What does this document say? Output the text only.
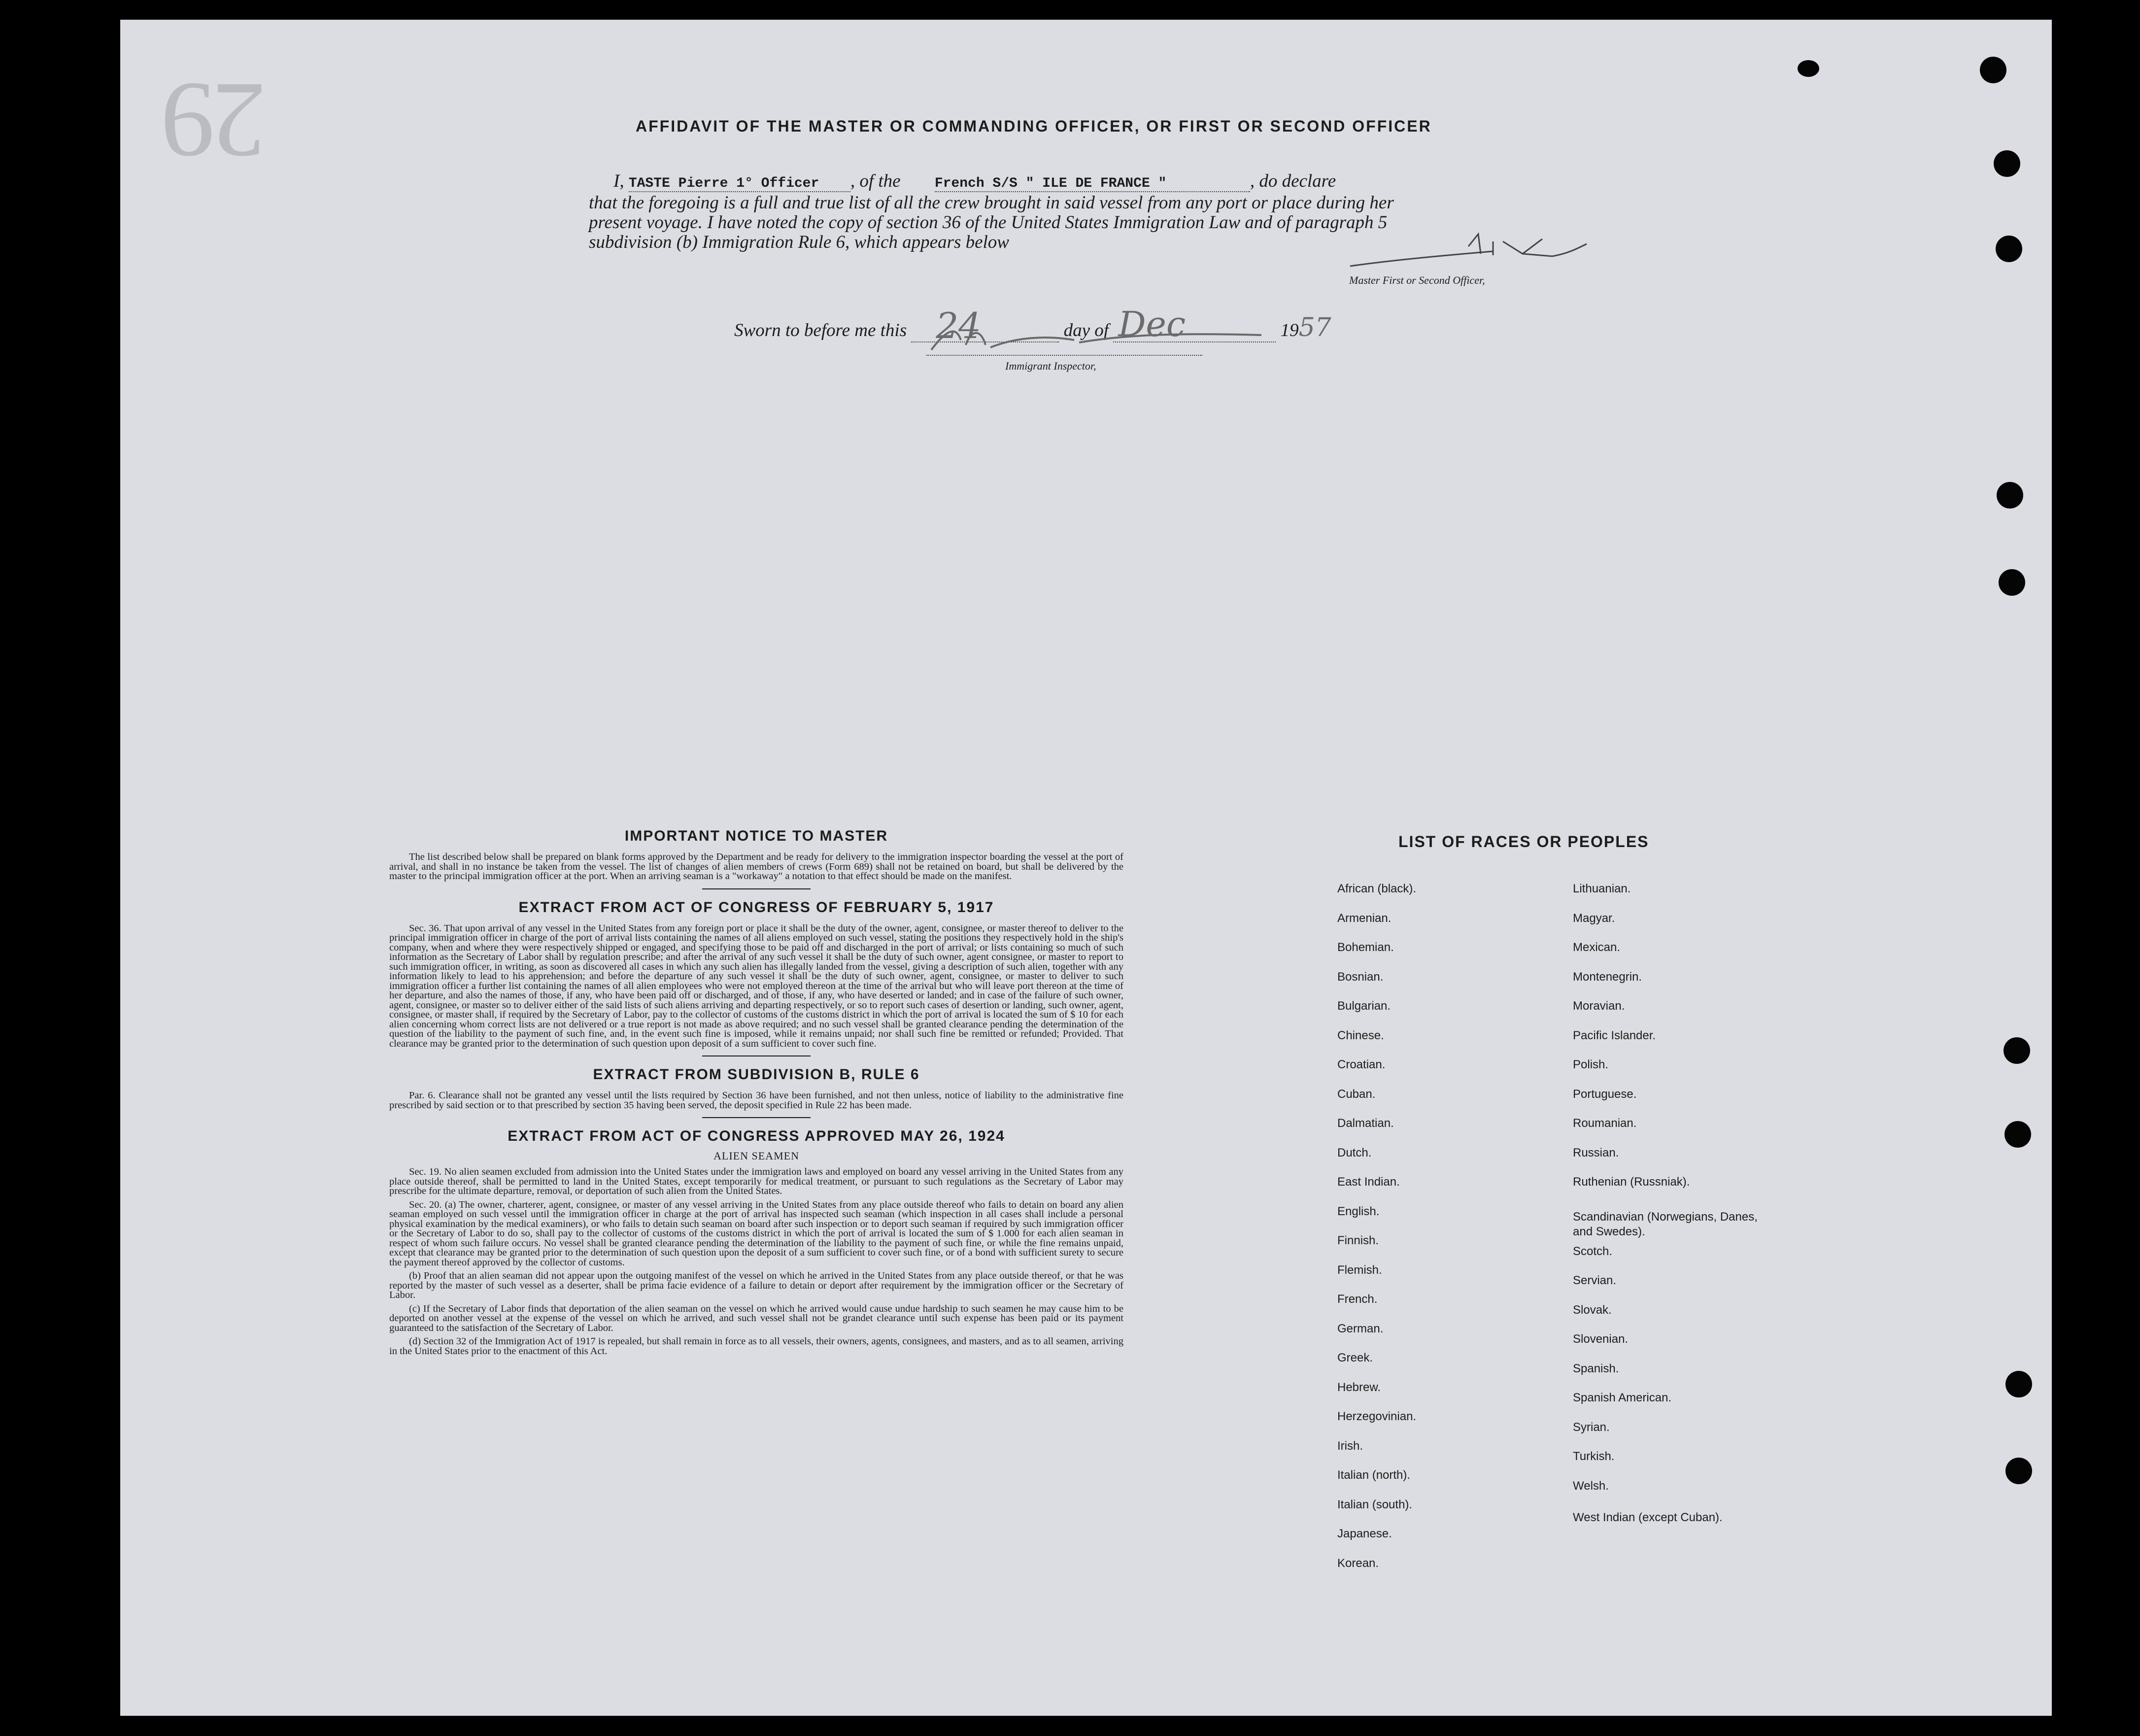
29	AFFIDAVIT OF THE MASTER OR COMMANDING OFFICER, OR FIRST OR SECOND OFFICER
I, TASTE Pierre 1° Officer , of the French S/S " ILE DE FRANCE "	, do declare
that the foregoing is a full and true list of all the crew brought in said vessel from any port or place during her
present voyage. I have noted the copy of section 36 of the United States Immigration Law and of paragraph 5
subdivision (b) Immigration Rule 6, which appears below
Master First or Second Officer,
Sworn to before me this 24	day of Dec	1957
Immigrant Inspector,
IMPORTANT NOTICE TO MASTER

The list described below shall be prepared on blank forms approved by the Department and be ready for delivery to the immigration inspector boarding the vessel at the port of arrival, and shall in no instance be taken from the vessel. The list of changes of alien members of crews (Form 689) shall not be retained on board, but shall be delivered by the master to the principal immigration officer at the port. When an arriving seaman is a "workaway" a notation to that effect should be made on the manifest.

EXTRACT FROM ACT OF CONGRESS OF FEBRUARY 5, 1917

Sec. 36. That upon arrival of any vessel in the United States from any foreign port or place it shall be the duty of the owner, agent, consignee, or master thereof to deliver to the principal immigration officer in charge of the port of arrival lists containing the names of all aliens employed on such vessel, stating the positions they respectively hold in the ship's company, when and where they were respectively shipped or engaged, and specifying those to be paid off and discharged in the port of arrival; or lists containing so much of such information as the Secretary of Labor shall by regulation prescribe; and after the arrival of any such vessel it shall be the duty of such owner, agent consignee, or master to report to such immigration officer, in writing, as soon as discovered all cases in which any such alien has illegally landed from the vessel, giving a description of such alien, together with any information likely to lead to his apprehension; and before the departure of any such vessel it shall be the duty of such owner, agent, consignee, or master to deliver to such immigration officer a further list containing the names of all alien employees who were not employed thereon at the time of the arrival but who will leave port thereon at the time of her departure, and also the names of those, if any, who have been paid off or discharged, and of those, if any, who have deserted or landed; and in case of the failure of such owner, agent, consignee, or master so to deliver either of the said lists of such aliens arriving and departing respectively, or so to report such cases of desertion or landing, such owner, agent, consignee, or master shall, if required by the Secretary of Labor, pay to the collector of customs of the customs district in which the port of arrival is located the sum of $ 10 for each alien concerning whom correct lists are not delivered or a true report is not made as above required; and no such vessel shall be granted clearance pending the determination of the question of the liability to the payment of such fine, and, in the event such fine is imposed, while it remains unpaid; nor shall such fine be remitted or refunded; Provided. That clearance may be granted prior to the determination of such question upon deposit of a sum sufficient to cover such fine.

EXTRACT FROM SUBDIVISION B, RULE 6

Par. 6. Clearance shall not be granted any vessel until the lists required by Section 36 have been furnished, and not then unless, notice of liability to the administrative fine prescribed by said section or to that prescribed by section 35 having been served, the deposit specified in Rule 22 has been made.

EXTRACT FROM ACT OF CONGRESS APPROVED MAY 26, 1924
ALIEN SEAMEN

Sec. 19. No alien seamen excluded from admission into the United States under the immigration laws and employed on board any vessel arriving in the United States from any place outside thereof, shall be permitted to land in the United States, except temporarily for medical treatment, or pursuant to such regulations as the Secretary of Labor may prescribe for the ultimate departure, removal, or deportation of such alien from the United States.

Sec. 20. (a) The owner, charterer, agent, consignee, or master of any vessel arriving in the United States from any place outside thereof who fails to detain on board any alien seaman employed on such vessel until the immigration officer in charge at the port of arrival has inspected such seaman (which inspection in all cases shall include a personal physical examination by the medical examiners), or who fails to detain such seaman on board after such inspection or to deport such seaman if required by such immigration officer or the Secretary of Labor to do so, shall pay to the collector of customs of the customs district in which the port of arrival is located the sum of $ 1.000 for each alien seaman in respect of whom such failure occurs. No vessel shall be granted clearance pending the determination of the liability to the payment of such fine, or while the fine remains unpaid, except that clearance may be granted prior to the determination of such question upon the deposit of a sum sufficient to cover such fine, or of a bond with sufficient surety to secure the payment thereof approved by the collector of customs.

(b) Proof that an alien seaman did not appear upon the outgoing manifest of the vessel on which he arrived in the United States from any place outside thereof, or that he was reported by the master of such vessel as a deserter, shall be prima facie evidence of a failure to detain or deport after requirement by the immigration officer or the Secretary of Labor.

(c) If the Secretary of Labor finds that deportation of the alien seaman on the vessel on which he arrived would cause undue hardship to such seamen he may cause him to be deported on another vessel at the expense of the vessel on which he arrived, and such vessel shall not be grandet clearance until such expense has been paid or its payment guaranteed to the satisfaction of the Secretary of Labor.

(d) Section 32 of the Immigration Act of 1917 is repealed, but shall remain in force as to all vessels, their owners, agents, consignees, and masters, and as to all seamen, arriving in the United States prior to the enactment of this Act.

LIST OF RACES OR PEOPLES
African (black).
Armenian.
Bohemian.
Bosnian.
Bulgarian.
Chinese.
Croatian.
Cuban.
Dalmatian.
Dutch.
East Indian.
English.
Finnish.
Flemish.
French.
German.
Greek.
Hebrew.
Herzegovinian.
Irish.
Italian (north).
Italian (south).
Japanese.
Korean.
Lithuanian.
Magyar.
Mexican.
Montenegrin.
Moravian.
Pacific Islander.
Polish.
Portuguese.
Roumanian.
Russian.
Ruthenian (Russniak).
Scandinavian (Norwegians, Danes, and Swedes).
Scotch.
Servian.
Slovak.
Slovenian.
Spanish.
Spanish American.
Syrian.
Turkish.
Welsh.
West Indian (except Cuban).
